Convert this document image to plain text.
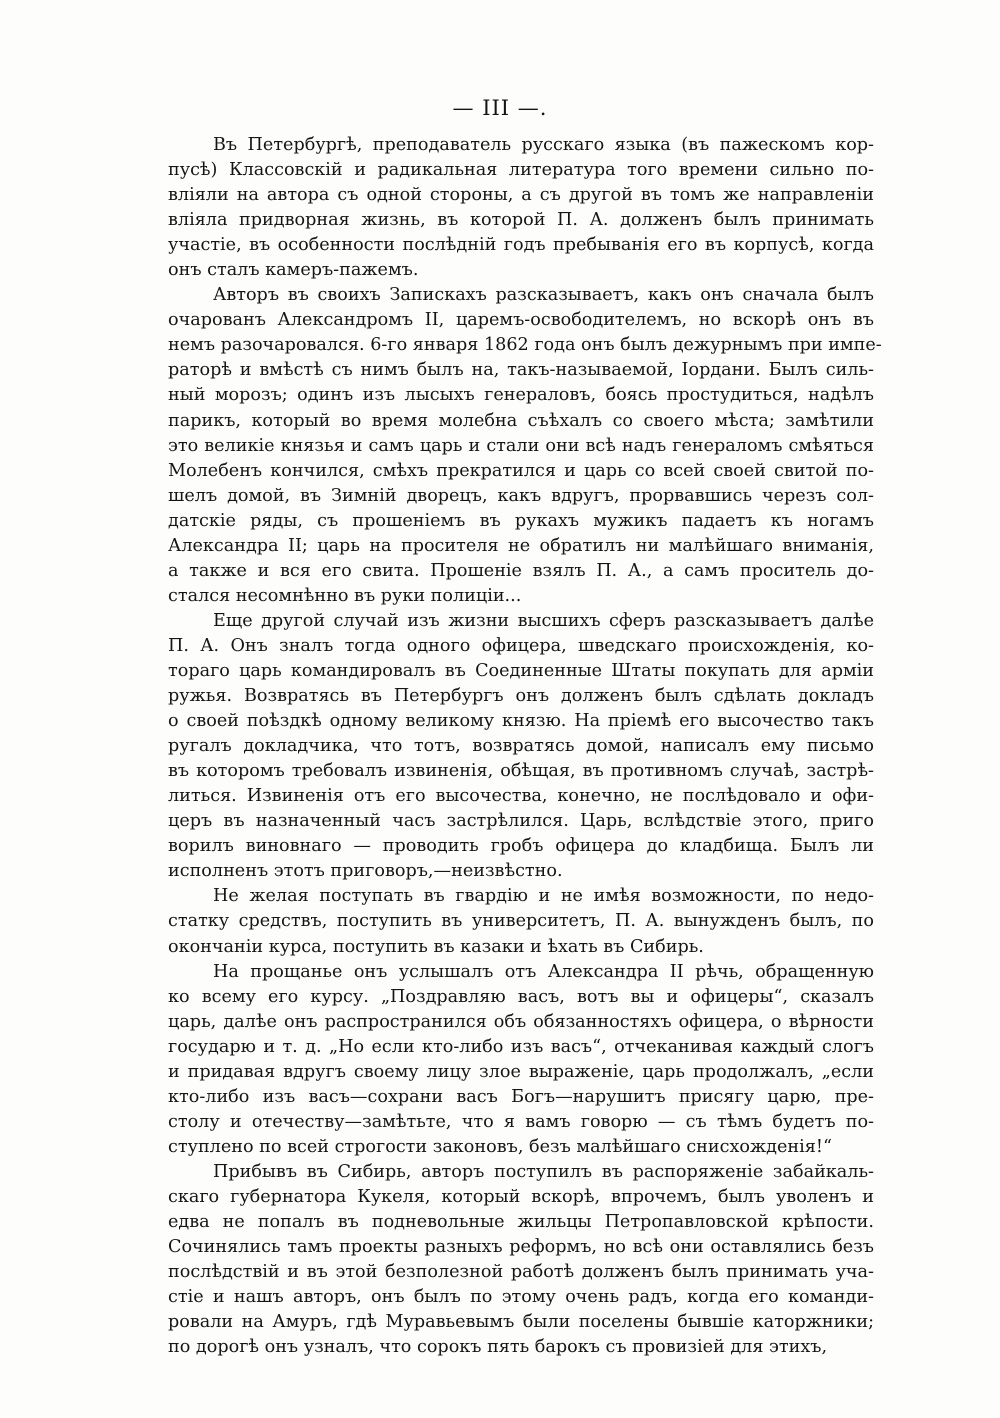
— III —.
Въ Петербургѣ, преподаватель русскаго языка (въ пажескомъ кор-
пусѣ) Классовскій и радикальная литература того времени сильно по-
вліяли на автора съ одной стороны, а съ другой въ томъ же направленіи
вліяла придворная жизнь, въ которой П. А. долженъ былъ принимать
участіе, въ особенности послѣдній годъ пребыванія его въ корпусѣ, когда
онъ сталъ камеръ-пажемъ.
Авторъ въ своихъ Запискахъ разсказываетъ, какъ онъ сначала былъ
очарованъ Александромъ II, царемъ-освободителемъ, но вскорѣ онъ въ
немъ разочаровался. 6-го января 1862 года онъ былъ дежурнымъ при импе-
раторѣ и вмѣстѣ съ нимъ былъ на, такъ-называемой, Іордани. Былъ силь-
ный морозъ; одинъ изъ лысыхъ генераловъ, боясь простудиться, надѣлъ
парикъ, который во время молебна съѣхалъ со своего мѣста; замѣтили
это великіе князья и самъ царь и стали они всѣ надъ генераломъ смѣяться
Молебенъ кончился, смѣхъ прекратился и царь со всей своей свитой по-
шелъ домой, въ Зимній дворецъ, какъ вдругъ, прорвавшись черезъ сол-
датскіе ряды, съ прошеніемъ въ рукахъ мужикъ падаетъ къ ногамъ
Александра II; царь на просителя не обратилъ ни малѣйшаго вниманія,
а также и вся его свита. Прошеніе взялъ П. А., а самъ проситель до-
стался несомнѣнно въ руки полиціи...
Еще другой случай изъ жизни высшихъ сферъ разсказываетъ далѣе
П. А. Онъ зналъ тогда одного офицера, шведскаго происхожденія, ко-
тораго царь командировалъ въ Соединенные Штаты покупать для арміи
ружья. Возвратясь въ Петербургъ онъ долженъ былъ сдѣлать докладъ
о своей поѣздкѣ одному великому князю. На пріемѣ его высочество такъ
ругалъ докладчика, что тотъ, возвратясь домой, написалъ ему письмо
въ которомъ требовалъ извиненія, обѣщая, въ противномъ случаѣ, застрѣ-
литься. Извиненія отъ его высочества, конечно, не послѣдовало и офи-
церъ въ назначенный часъ застрѣлился. Царь, вслѣдствіе этого, приго
ворилъ виновнаго — проводить гробъ офицера до кладбища. Былъ ли
исполненъ этотъ приговоръ,—неизвѣстно.
Не желая поступать въ гвардію и не имѣя возможности, по недо-
статку средствъ, поступить въ университетъ, П. А. вынужденъ былъ, по
окончаніи курса, поступить въ казаки и ѣхать въ Сибирь.
На прощанье онъ услышалъ отъ Александра II рѣчь, обращенную
ко всему его курсу. „Поздравляю васъ, вотъ вы и офицеры“, сказалъ
царь, далѣе онъ распространился объ обязанностяхъ офицера, о вѣрности
государю и т. д. „Но если кто-либо изъ васъ“, отчеканивая каждый слогъ
и придавая вдругъ своему лицу злое выраженіе, царь продолжалъ, „если
кто-либо изъ васъ—сохрани васъ Богъ—нарушитъ присягу царю, пре-
столу и отечеству—замѣтьте, что я вамъ говорю — съ тѣмъ будетъ по-
ступлено по всей строгости законовъ, безъ малѣйшаго снисхожденія!“
Прибывъ въ Сибирь, авторъ поступилъ въ распоряженіе забайкаль-
скаго губернатора Кукеля, который вскорѣ, впрочемъ, былъ уволенъ и
едва не попалъ въ подневольные жильцы Петропавловской крѣпости.
Сочинялись тамъ проекты разныхъ реформъ, но всѣ они оставлялись безъ
послѣдствій и въ этой безполезной работѣ долженъ былъ принимать уча-
стіе и нашъ авторъ, онъ былъ по этому очень радъ, когда его команди-
ровали на Амуръ, гдѣ Муравьевымъ были поселены бывшіе каторжники;
по дорогѣ онъ узналъ, что сорокъ пять барокъ съ провизіей для этихъ,
